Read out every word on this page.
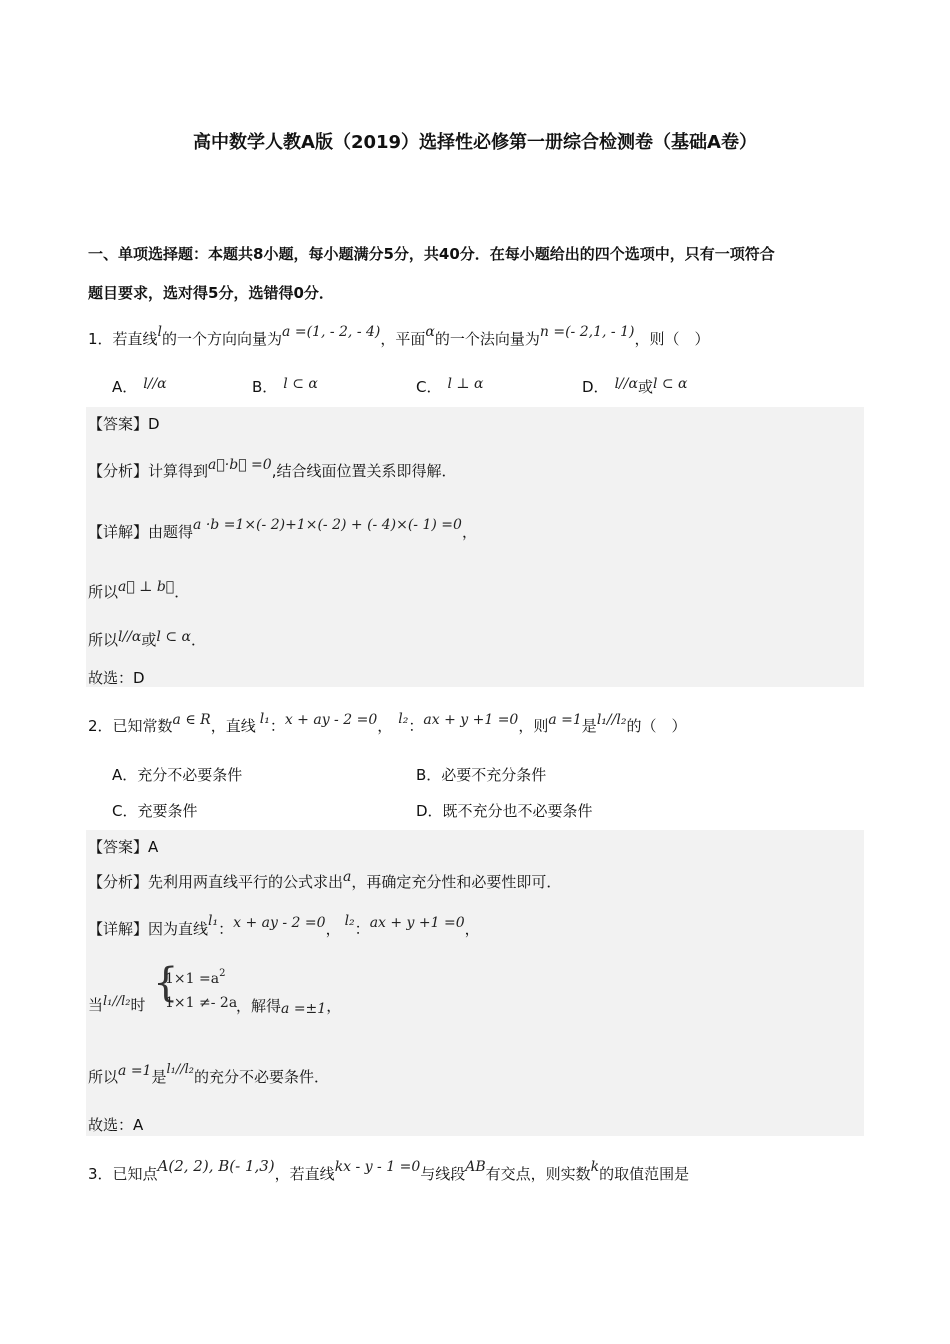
高中数学人教A版（2019）选择性必修第一册综合检测卷（基础A卷）
一、单项选择题：本题共8小题，每小题满分5分，共40分．在每小题给出的四个选项中，只有一项符合
题目要求，选对得5分，选错得0分．
1．若直线l的一个方向向量为a =(1, - 2, - 4)，平面α的一个法向量为n =(- 2,1, - 1)，则（　）
A． l//α	B． l ⊂ α	C． l ⊥ α	D． l//α或l ⊂ α
【答案】D
【分析】计算得到a⃗·b⃗ =0,结合线面位置关系即得解．
【详解】由题得a ·b =1×(- 2)+1×(- 2) + (- 4)×(- 1) =0，
所以a⃗ ⊥ b⃗．
所以l//α或l ⊂ α．
故选：D
2．已知常数a ∈ R，直线 l₁：x + ay - 2 =0， l₂：ax + y +1 =0，则a =1是l₁//l₂的（　）
A．充分不必要条件	B．必要不充分条件
C．充要条件	D．既不充分也不必要条件
【答案】A
【分析】先利用两直线平行的公式求出a，再确定充分性和必要性即可．
【详解】因为直线l₁：x + ay - 2 =0， l₂：ax + y +1 =0，
当l₁//l₂时 {
$1\times 1 =a^2$
1×1 ≠- 2a
，解得a =±1，
所以a =1是l₁//l₂的充分不必要条件．
故选：A
3．已知点A(2, 2), B(- 1,3)，若直线kx - y - 1 =0与线段AB有交点，则实数k的取值范围是
